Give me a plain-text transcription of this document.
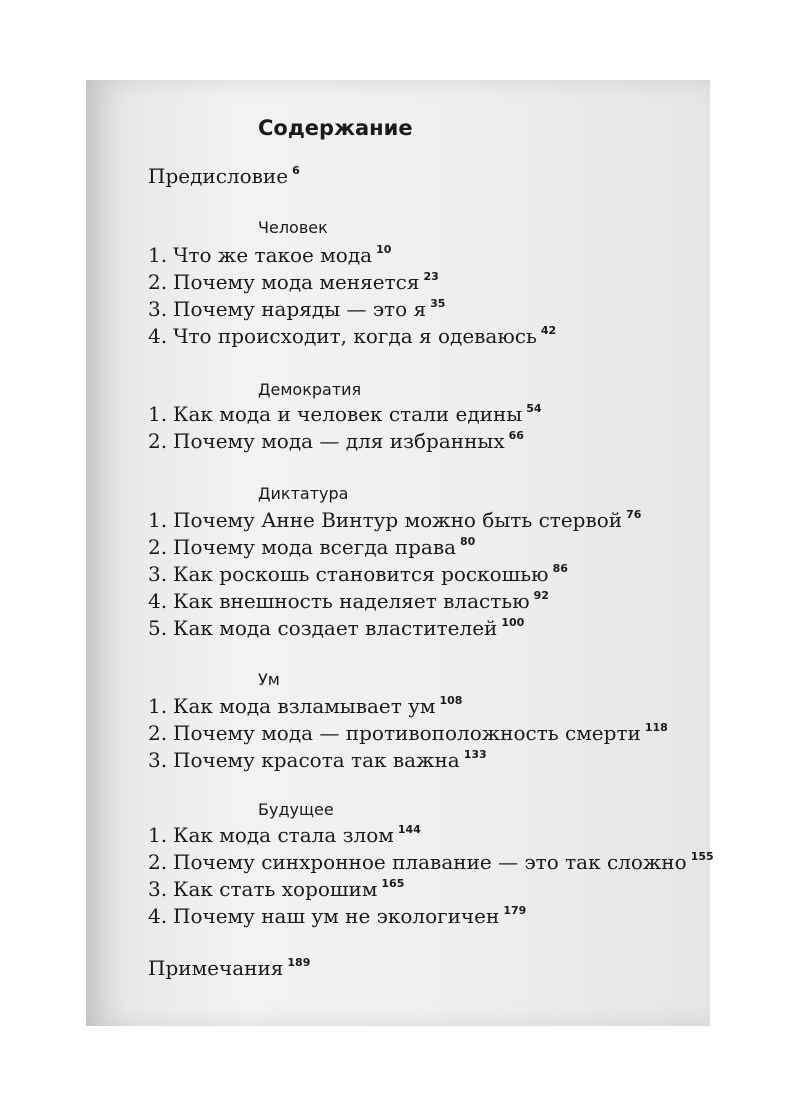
Содержание
Предисловие $^6$
Человек
1. Что же такое мода $^{10}$
2. Почему мода меняется $^{23}$
3. Почему наряды — это я $^{35}$
4. Что происходит, когда я одеваюсь $^{42}$
Демократия
1. Как мода и человек стали едины $^{54}$
2. Почему мода — для избранных $^{66}$
Диктатура
1. Почему Анне Винтур можно быть стервой $^{76}$
2. Почему мода всегда права $^{80}$
3. Как роскошь становится роскошью $^{86}$
4. Как внешность наделяет властью $^{92}$
5. Как мода создает властителей $^{100}$
Ум
1. Как мода взламывает ум $^{108}$
2. Почему мода — противоположность смерти $^{118}$
3. Почему красота так важна $^{133}$
Будущее
1. Как мода стала злом $^{144}$
2. Почему синхронное плавание — это так сложно $^{155}$
3. Как стать хорошим $^{165}$
4. Почему наш ум не экологичен $^{179}$
Примечания $^{189}$
